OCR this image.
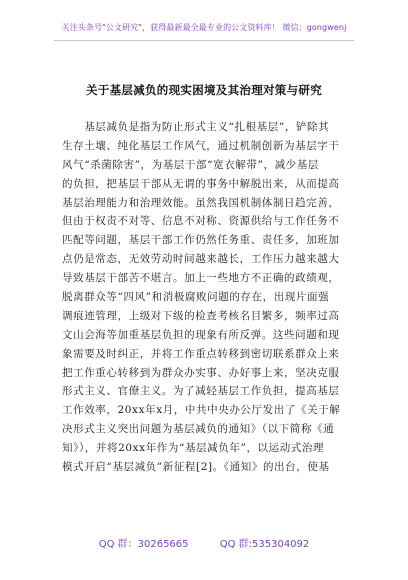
关注头条号"公文研究"，获得最新最全最专业的公文资料库！ 微信：gongwenj
关于基层减负的现实困境及其治理对策与研究
　　基层减负是指为防止形式主义“扎根基层”，铲除其
生存土壤、纯化基层工作风气，通过机制创新为基层字干
风气“杀菌除害”，为基层干部“宽衣解带”，减少基层
的负担，把基层干部从无谓的事务中解脱出来，从而提高
基层治理能力和治理效能。虽然我国机制体制日趋完善，
但由于权责不对等、信息不对称、资源供给与工作任务不
匹配等问题，基层干部工作仍然任务重、责任多，加班加
点仍是常态，无效劳动时间越来越长，工作压力越来越大
导致基层干部苦不堪言。加上一些地方不正确的政绩观，
脱离群众等“四风”和消极腐败问题的存在，出现片面强
调痕迹管理，上级对下级的检查考核名目繁多，频率过高
文山会海等加重基层负担的现象有所反弹。这些问题和现
象需要及时纠正，并将工作重点转移到密切联系群众上来
把工作重心转移到为群众办实事、办好事上来，坚决克服
形式主义、官僚主义。为了减轻基层工作负担，提高基层
工作效率，20xx年x月，中共中央办公厅发出了《关于解
决形式主义突出问题为基层减负的通知》（以下简称《通
知》），并将20xx年作为“基层减负年”，以运动式治理
模式开启“基层减负”新征程[2]。《通知》的出台，使基
QQ 群：30265665	QQ 群:535304092
